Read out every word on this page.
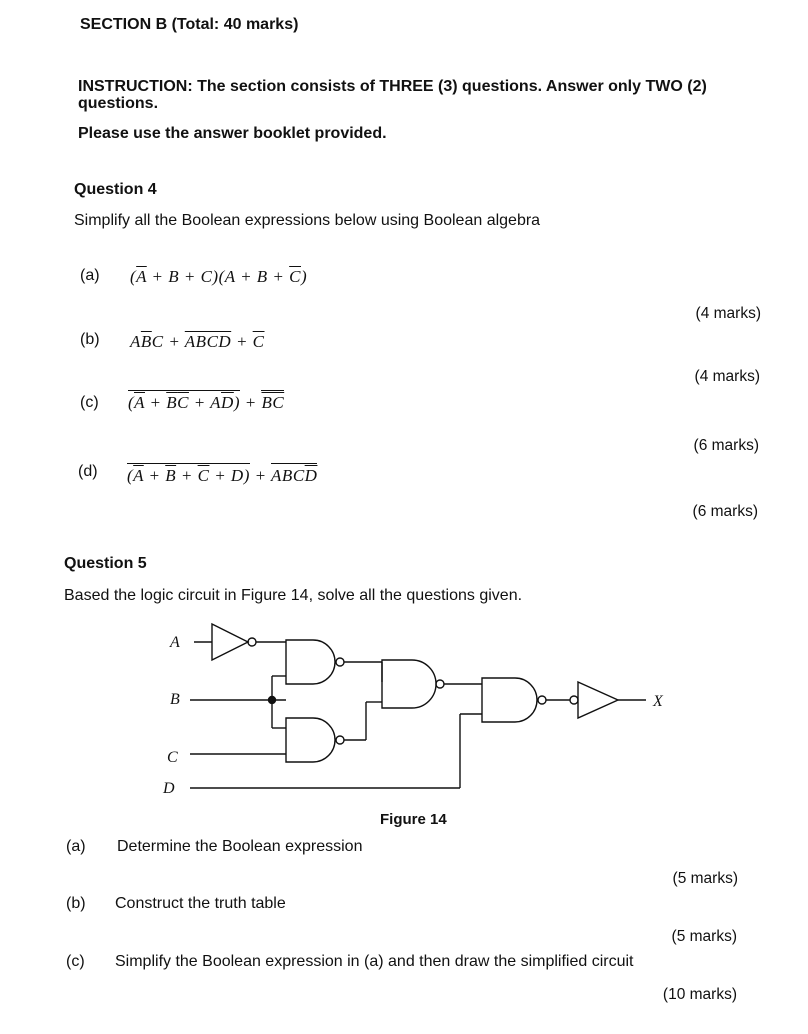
SECTION B (Total: 40 marks)
INSTRUCTION: The section consists of THREE (3) questions. Answer only TWO (2)
questions.
Please use the answer booklet provided.
Question 4
Simplify all the Boolean expressions below using Boolean algebra
(a) $(\overline{A} + B + C)(A + B + \overline{C})$
(4 marks)
(b) $A\overline{B}C$ + ABCD + $\overline{C}$
(4 marks)
(c) $(A + \overline{B}\overline{C} + A\overline{D}) + \overline{BC}$
(6 marks)
(d) $(\overline{A} + \overline{B} + \overline{C} + D) + ABC\overline{D}$
(6 marks)
Question 5
Based the logic circuit in Figure 14, solve all the questions given.
A
B
C
D
X
Figure 14
(a) Determine the Boolean expression
(5 marks)
(b) Construct the truth table
(5 marks)
(c) Simplify the Boolean expression in (a) and then draw the simplified circuit
(10 marks)
